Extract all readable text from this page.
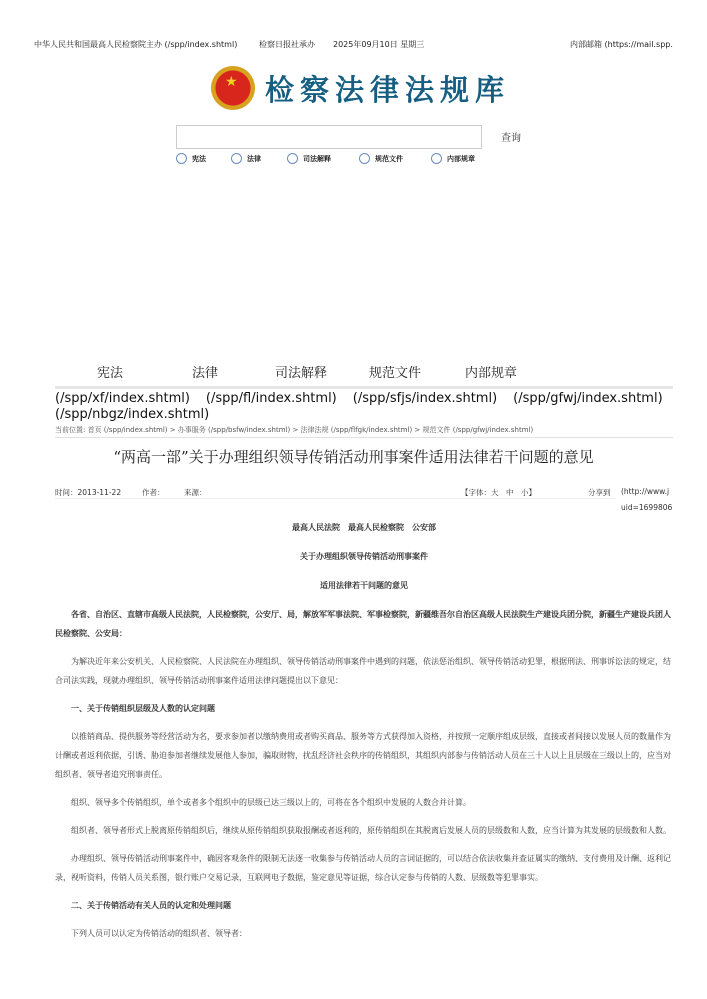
中华人民共和国最高人民检察院主办 (/spp/index.shtml)	检察日报社承办 2025年09月10日 星期三	内部邮箱 (https://mail.spp.
★
检察法律法规库
查询
宪法	法律	司法解释	规范文件	内部规章
宪法	法律	司法解释	规范文件	内部规章
(/spp/xf/index.shtml) (/spp/fl/index.shtml) (/spp/sfjs/index.shtml) (/spp/gfwj/index.shtml)
(/spp/nbgz/index.shtml)
当前位置: 首页 (/spp/index.shtml) > 办事服务 (/spp/bsfw/index.shtml) > 法律法规 (/spp/flfgk/index.shtml) > 规范文件 (/spp/gfwj/index.shtml)
“两高一部”关于办理组织领导传销活动刑事案件适用法律若干问题的意见
时间：2013-11-22	作者：	来源：	【字体：大　中　小】	分享到 (http://www.j
uid=1699806

最高人民法院　最高人民检察院　公安部

关于办理组织领导传销活动刑事案件

适用法律若干问题的意见

各省、自治区、直辖市高级人民法院，人民检察院，公安厅、局，解放军军事法院、军事检察院，新疆维吾尔自治区高级人民法院生产建设兵团分院，新疆生产建设兵团人民检察院、公安局：

为解决近年来公安机关、人民检察院、人民法院在办理组织、领导传销活动刑事案件中遇到的问题，依法惩治组织、领导传销活动犯罪，根据刑法、刑事诉讼法的规定，结合司法实践，现就办理组织、领导传销活动刑事案件适用法律问题提出以下意见：

一、关于传销组织层级及人数的认定问题

以推销商品、提供服务等经营活动为名，要求参加者以缴纳费用或者购买商品、服务等方式获得加入资格，并按照一定顺序组成层级，直接或者间接以发展人员的数量作为计酬或者返利依据，引诱、胁迫参加者继续发展他人参加，骗取财物，扰乱经济社会秩序的传销组织，其组织内部参与传销活动人员在三十人以上且层级在三级以上的，应当对组织者、领导者追究刑事责任。

组织、领导多个传销组织，单个或者多个组织中的层级已达三级以上的，可将在各个组织中发展的人数合并计算。

组织者、领导者形式上脱离原传销组织后，继续从原传销组织获取报酬或者返利的，原传销组织在其脱离后发展人员的层级数和人数，应当计算为其发展的层级数和人数。

办理组织、领导传销活动刑事案件中，确因客观条件的限制无法逐一收集参与传销活动人员的言词证据的，可以结合依法收集并查证属实的缴纳、支付费用及计酬、返利记录，视听资料，传销人员关系图，银行账户交易记录，互联网电子数据，鉴定意见等证据，综合认定参与传销的人数、层级数等犯罪事实。

二、关于传销活动有关人员的认定和处理问题

下列人员可以认定为传销活动的组织者、领导者：
